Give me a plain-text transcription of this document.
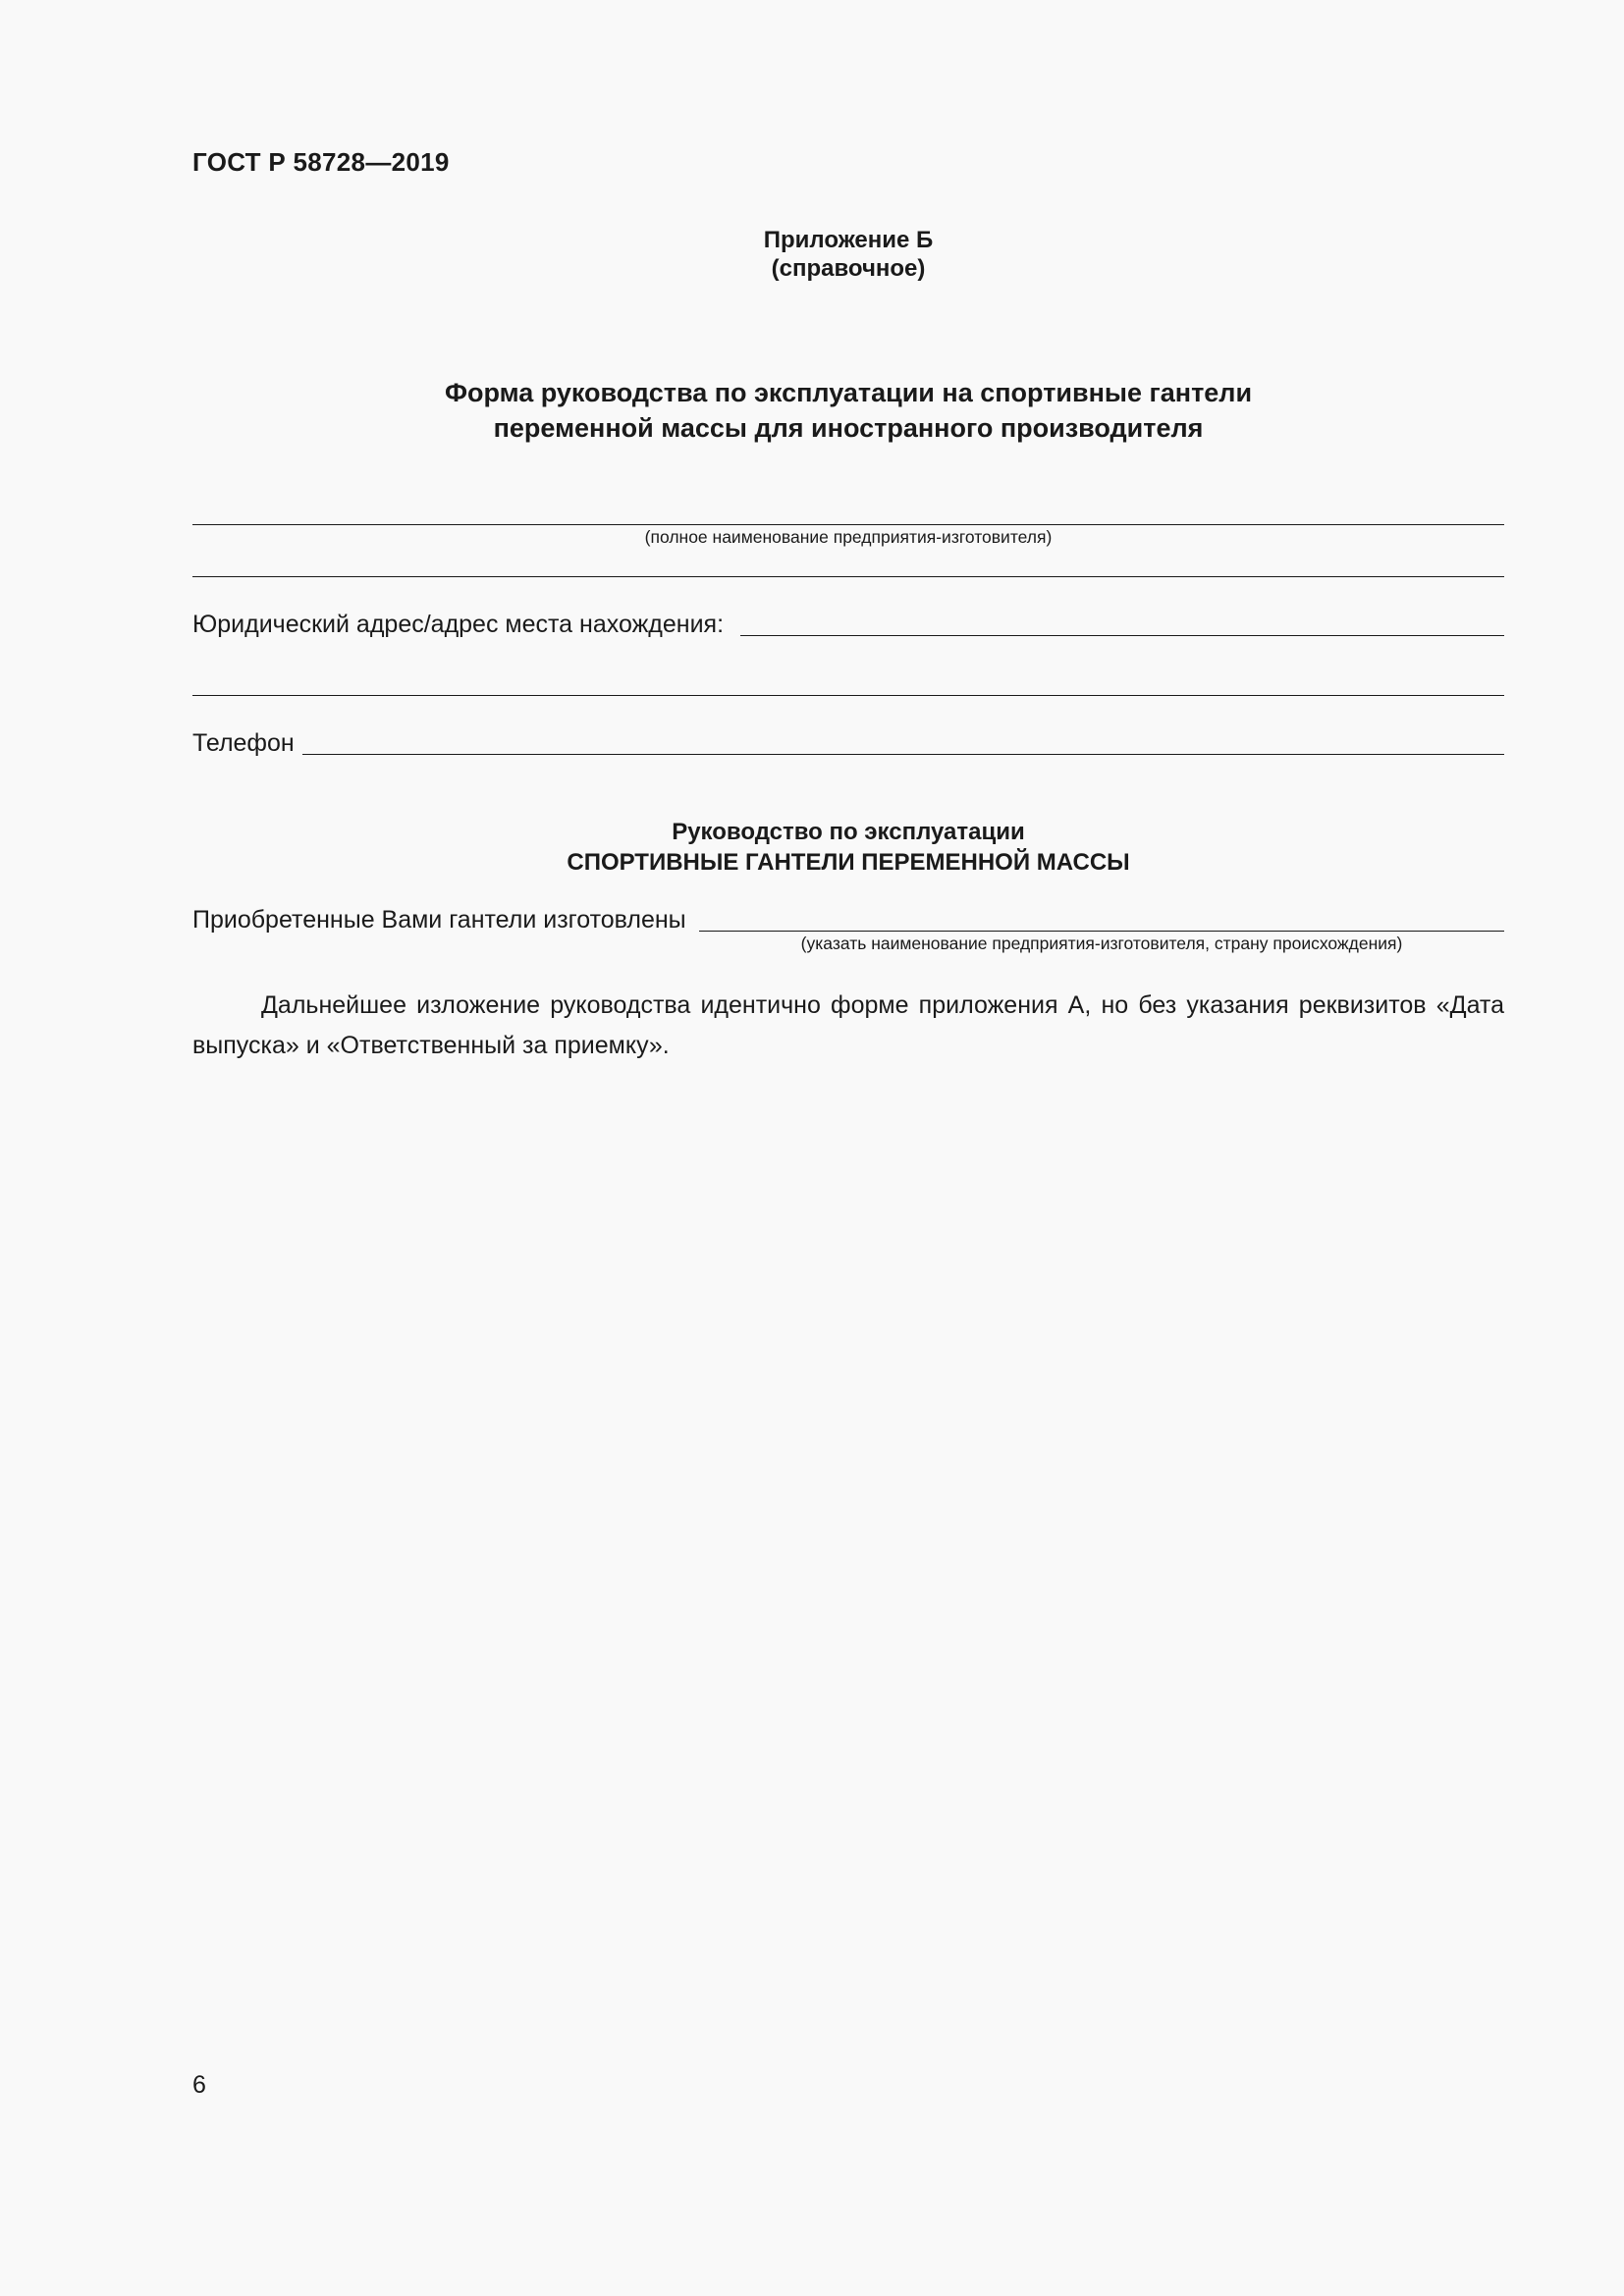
ГОСТ Р 58728—2019
Приложение Б
(справочное)
Форма руководства по эксплуатации на спортивные гантели
переменной массы для иностранного производителя
(полное наименование предприятия-изготовителя)
Юридический адрес/адрес места нахождения:
Телефон
Руководство по эксплуатации
СПОРТИВНЫЕ ГАНТЕЛИ ПЕРЕМЕННОЙ МАССЫ
Приобретенные Вами гантели изготовлены
(указать наименование предприятия-изготовителя, страну происхождения)
Дальнейшее изложение руководства идентично форме приложения А, но без указания реквизитов «Дата выпуска» и «Ответственный за приемку».
6
